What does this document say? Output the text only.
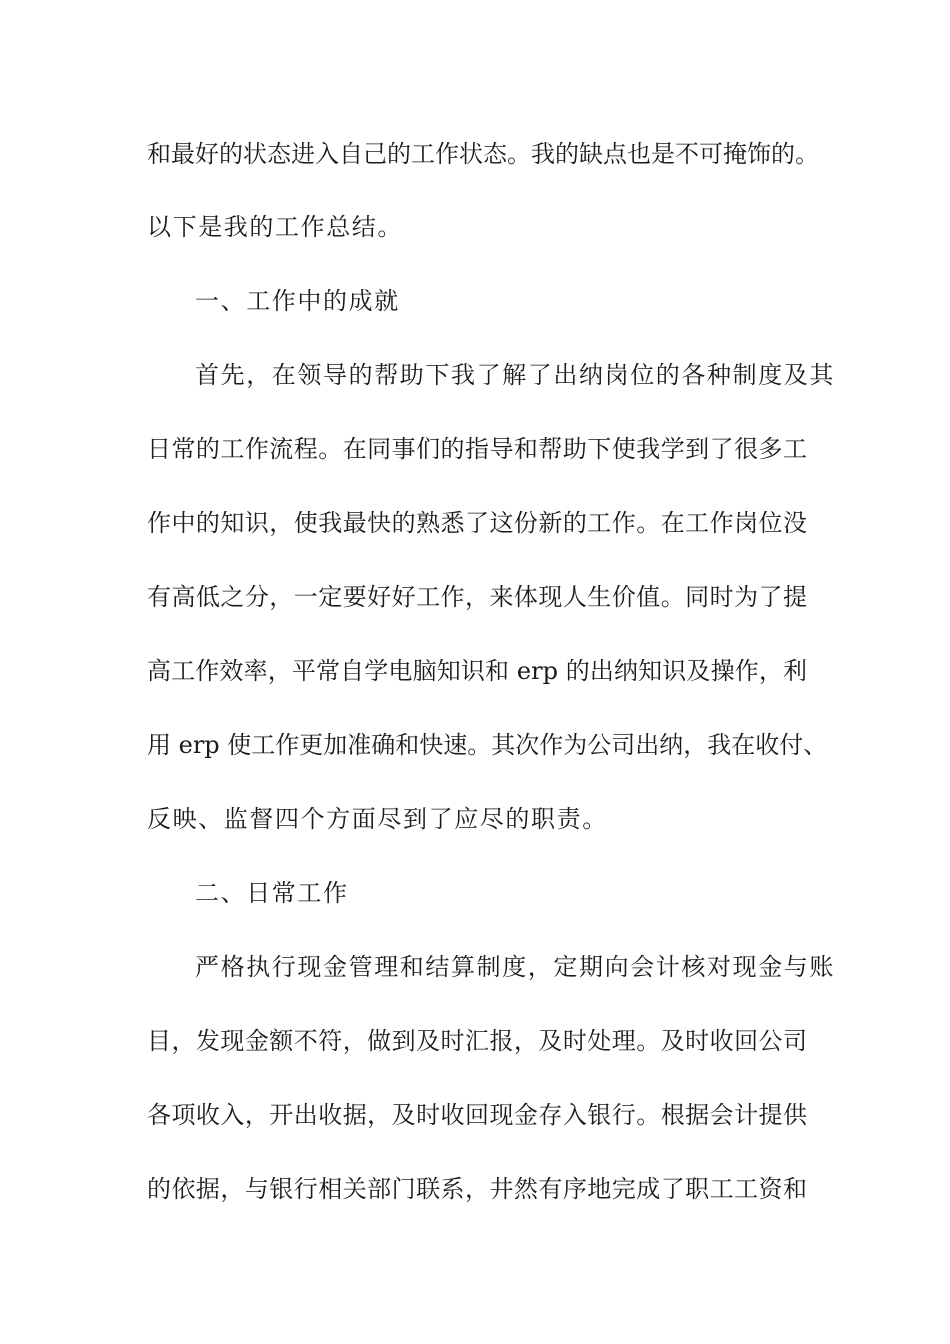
和最好的状态进入自己的工作状态。我的缺点也是不可掩饰的。
以下是我的工作总结。
一、工作中的成就
首先，在领导的帮助下我了解了出纳岗位的各种制度及其
日常的工作流程。在同事们的指导和帮助下使我学到了很多工
作中的知识，使我最快的熟悉了这份新的工作。在工作岗位没
有高低之分，一定要好好工作，来体现人生价值。同时为了提
高工作效率，平常自学电脑知识和 erp 的出纳知识及操作，利
用 erp 使工作更加准确和快速。其次作为公司出纳，我在收付、
反映、监督四个方面尽到了应尽的职责。
二、日常工作
严格执行现金管理和结算制度，定期向会计核对现金与账
目，发现金额不符，做到及时汇报，及时处理。及时收回公司
各项收入，开出收据，及时收回现金存入银行。根据会计提供
的依据，与银行相关部门联系，井然有序地完成了职工工资和
